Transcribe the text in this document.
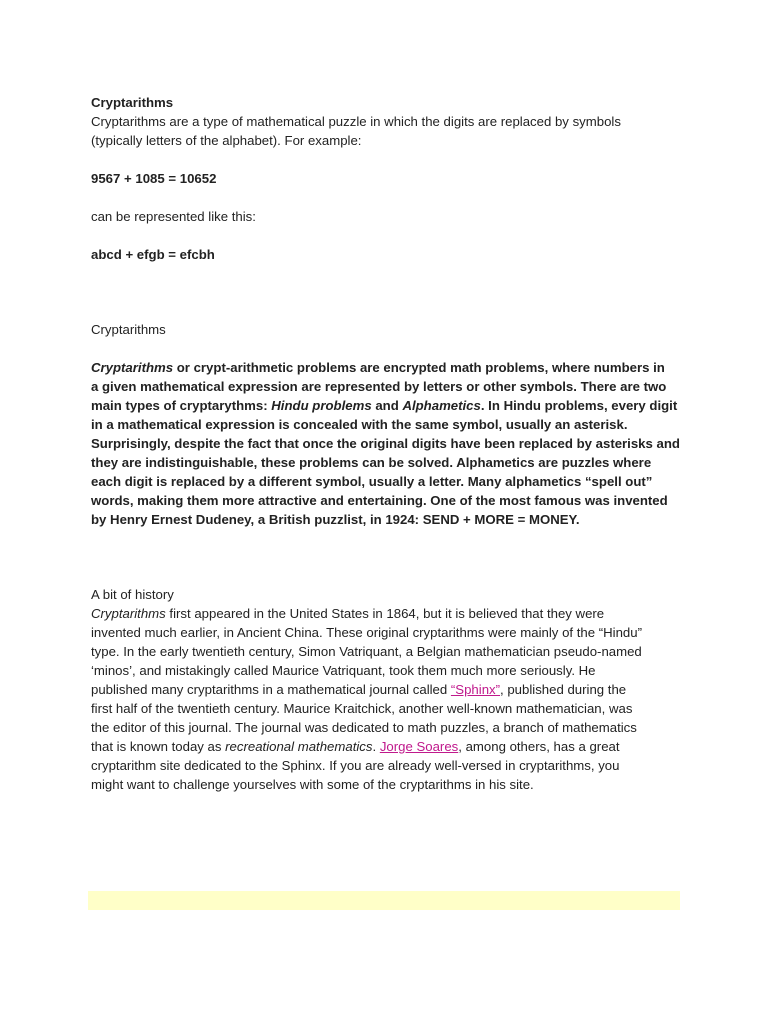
Cryptarithms

Cryptarithms are a type of mathematical puzzle in which the digits are replaced by symbols

(typically letters of the alphabet). For example:

9567 + 1085 = 10652

can be represented like this:

abcd + efgb = efcbh

Cryptarithms

Cryptarithms or crypt-arithmetic problems are encrypted math problems, where numbers in

a given mathematical expression are represented by letters or other symbols. There are two

main types of cryptarythms: Hindu problems and Alphametics. In Hindu problems, every digit

in a mathematical expression is concealed with the same symbol, usually an asterisk.

Surprisingly, despite the fact that once the original digits have been replaced by asterisks and

they are indistinguishable, these problems can be solved. Alphametics are puzzles where

each digit is replaced by a different symbol, usually a letter. Many alphametics “spell out”

words, making them more attractive and entertaining. One of the most famous was invented

by Henry Ernest Dudeney, a British puzzlist, in 1924: SEND + MORE = MONEY.

A bit of history

Cryptarithms first appeared in the United States in 1864, but it is believed that they were

invented much earlier, in Ancient China. These original cryptarithms were mainly of the “Hindu”

type. In the early twentieth century, Simon Vatriquant, a Belgian mathematician pseudo-named

‘minos’, and mistakingly called Maurice Vatriquant, took them much more seriously. He

published many cryptarithms in a mathematical journal called “Sphinx”, published during the

first half of the twentieth century. Maurice Kraitchick, another well-known mathematician, was

the editor of this journal. The journal was dedicated to math puzzles, a branch of mathematics

that is known today as recreational mathematics. Jorge Soares, among others, has a great

cryptarithm site dedicated to the Sphinx. If you are already well-versed in cryptarithms, you

might want to challenge yourselves with some of the cryptarithms in his site.
